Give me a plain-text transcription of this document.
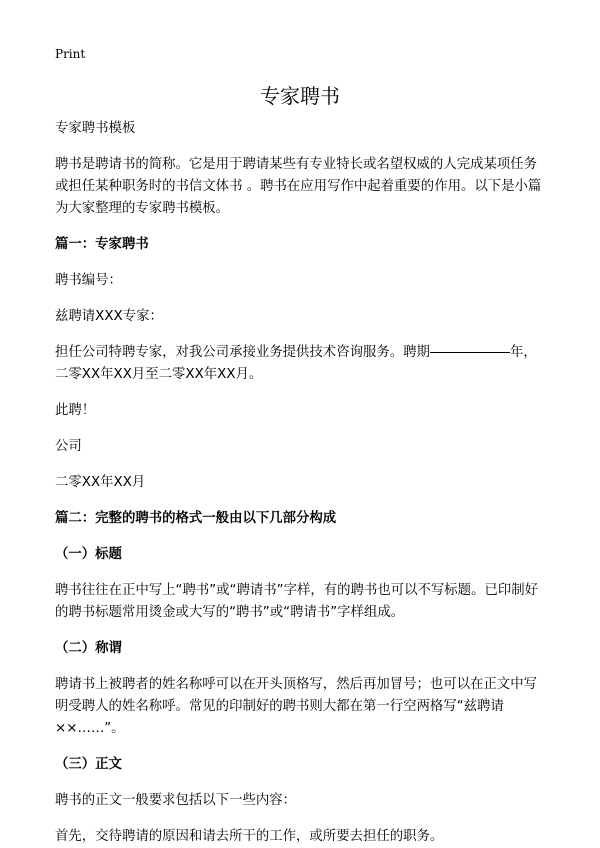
Print
专家聘书

专家聘书模板

聘书是聘请书的简称。它是用于聘请某些有专业特长或名望权威的人完成某项任务或担任某种职务时的书信文体书 。聘书在应用写作中起着重要的作用。以下是小篇为大家整理的专家聘书模板。

篇一：专家聘书

聘书编号：

兹聘请XXX专家：

担任公司特聘专家，对我公司承接业务提供技术咨询服务。聘期	年，二零XX年XX月至二零XX年XX月。

此聘！

公司

二零XX年XX月

篇二：完整的聘书的格式一般由以下几部分构成

（一）标题

聘书往往在正中写上“聘书”或“聘请书”字样，有的聘书也可以不写标题。已印制好的聘书标题常用烫金或大写的“聘书”或“聘请书”字样组成。

（二）称谓

聘请书上被聘者的姓名称呼可以在开头顶格写，然后再加冒号；也可以在正文中写明受聘人的姓名称呼。常见的印制好的聘书则大都在第一行空两格写“兹聘请××……”。

（三）正文

聘书的正文一般要求包括以下一些内容：

首先，交待聘请的原因和请去所干的工作，或所要去担任的职务。
